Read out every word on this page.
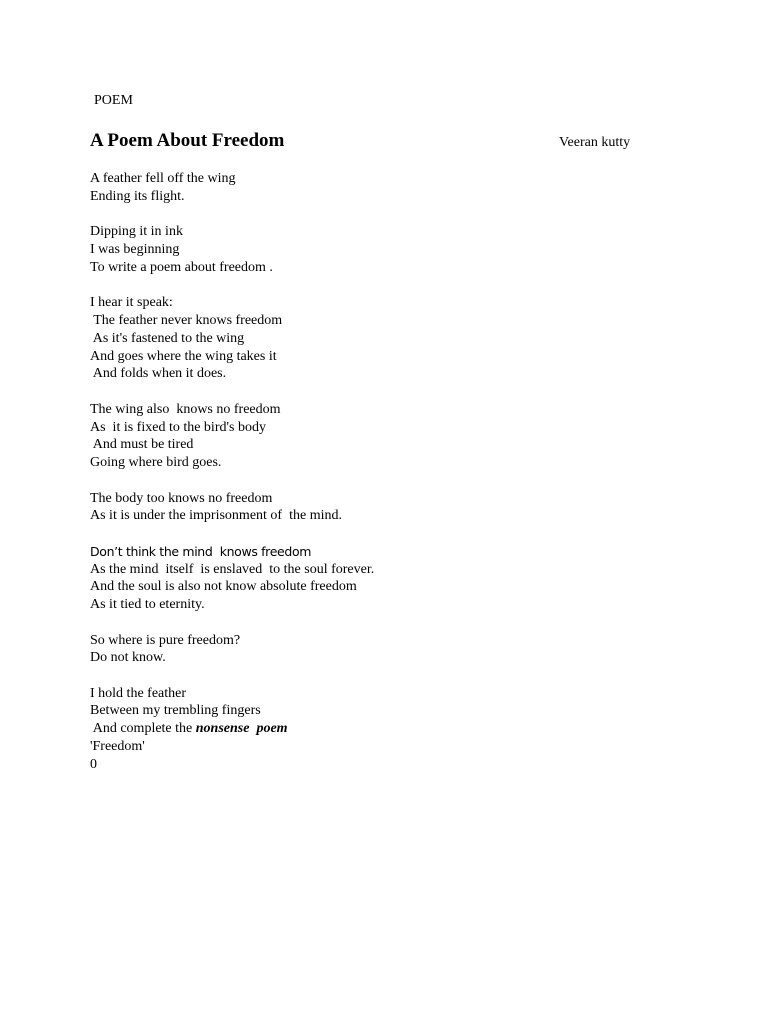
POEM
A Poem About Freedom	Veeran kutty
A feather fell off the wing
Ending its flight.
Dipping it in ink
I was beginning
To write a poem about freedom .
I hear it speak:
The feather never knows freedom
As it's fastened to the wing
And goes where the wing takes it
And folds when it does.
The wing also  knows no freedom
As  it is fixed to the bird's body
And must be tired
Going where bird goes.
The body too knows no freedom
As it is under the imprisonment of  the mind.
Don’t think the mind  knows freedom
As the mind  itself  is enslaved  to the soul forever.
And the soul is also not know absolute freedom
As it tied to eternity.
So where is pure freedom?
Do not know.
I hold the feather
Between my trembling fingers
And complete the nonsense  poem
'Freedom'
0
